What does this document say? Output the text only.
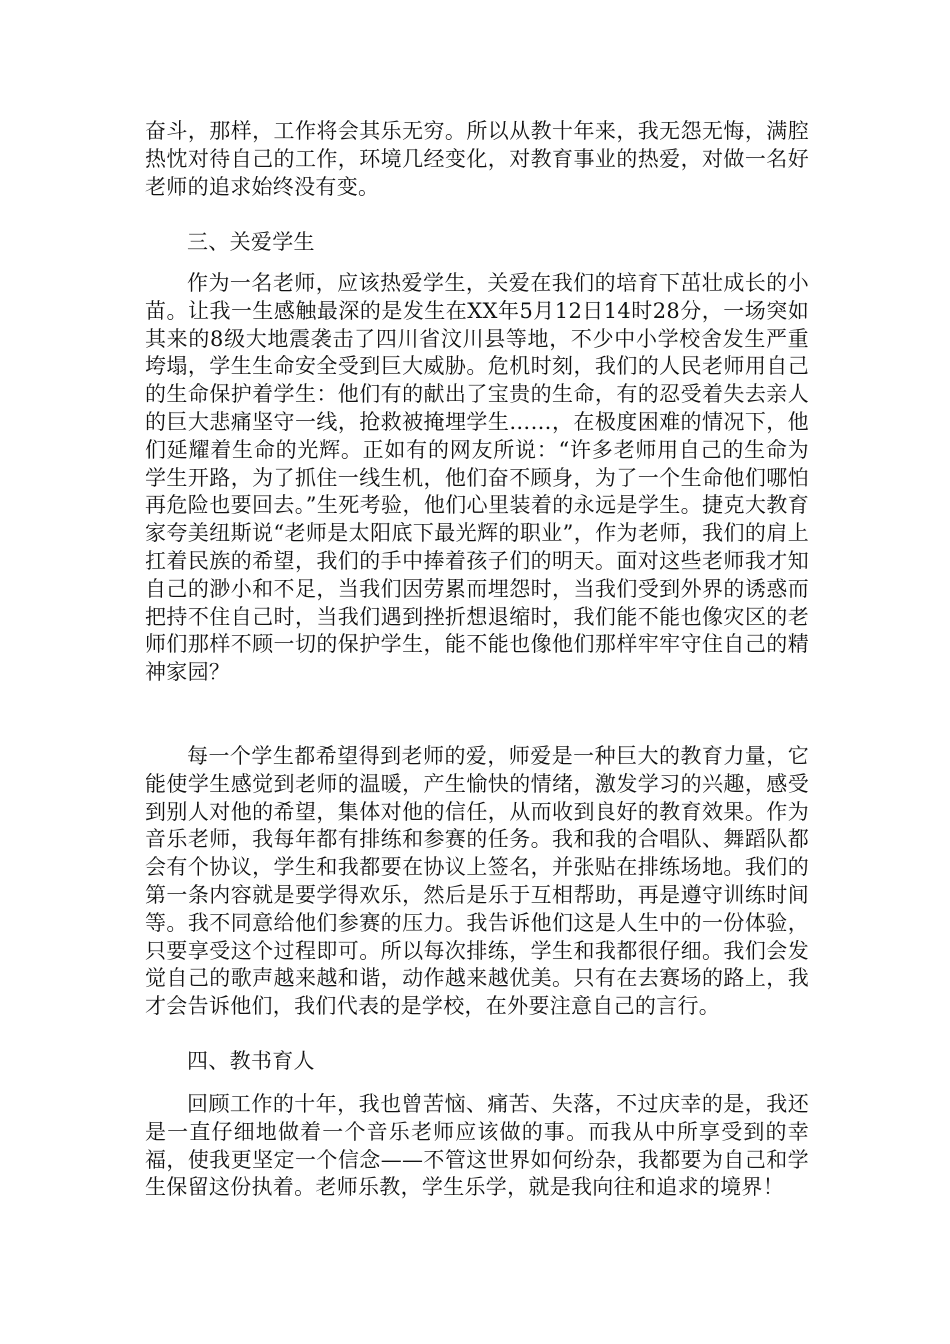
奋斗，那样，工作将会其乐无穷。所以从教十年来，我无怨无悔，满腔热忱对待自己的工作，环境几经变化，对教育事业的热爱，对做一名好老师的追求始终没有变。

三、关爱学生

作为一名老师，应该热爱学生，关爱在我们的培育下茁壮成长的小苗。让我一生感触最深的是发生在XX年5月12日14时28分，一场突如其来的8级大地震袭击了四川省汶川县等地，不少中小学校舍发生严重垮塌，学生生命安全受到巨大威胁。危机时刻，我们的人民老师用自己的生命保护着学生：他们有的献出了宝贵的生命，有的忍受着失去亲人的巨大悲痛坚守一线，抢救被掩埋学生……，在极度困难的情况下，他们延耀着生命的光辉。正如有的网友所说：“许多老师用自己的生命为学生开路，为了抓住一线生机，他们奋不顾身，为了一个生命他们哪怕再危险也要回去。”生死考验，他们心里装着的永远是学生。捷克大教育家夸美纽斯说“老师是太阳底下最光辉的职业”，作为老师，我们的肩上扛着民族的希望，我们的手中捧着孩子们的明天。面对这些老师我才知自己的渺小和不足，当我们因劳累而埋怨时，当我们受到外界的诱惑而把持不住自己时，当我们遇到挫折想退缩时，我们能不能也像灾区的老师们那样不顾一切的保护学生，能不能也像他们那样牢牢守住自己的精神家园？

每一个学生都希望得到老师的爱，师爱是一种巨大的教育力量，它能使学生感觉到老师的温暖，产生愉快的情绪，激发学习的兴趣，感受到别人对他的希望，集体对他的信任，从而收到良好的教育效果。作为音乐老师，我每年都有排练和参赛的任务。我和我的合唱队、舞蹈队都会有个协议，学生和我都要在协议上签名，并张贴在排练场地。我们的第一条内容就是要学得欢乐，然后是乐于互相帮助，再是遵守训练时间等。我不同意给他们参赛的压力。我告诉他们这是人生中的一份体验，只要享受这个过程即可。所以每次排练，学生和我都很仔细。我们会发觉自己的歌声越来越和谐，动作越来越优美。只有在去赛场的路上，我才会告诉他们，我们代表的是学校，在外要注意自己的言行。

四、教书育人

回顾工作的十年，我也曾苦恼、痛苦、失落，不过庆幸的是，我还是一直仔细地做着一个音乐老师应该做的事。而我从中所享受到的幸福，使我更坚定一个信念——不管这世界如何纷杂，我都要为自己和学生保留这份执着。老师乐教，学生乐学，就是我向往和追求的境界！
